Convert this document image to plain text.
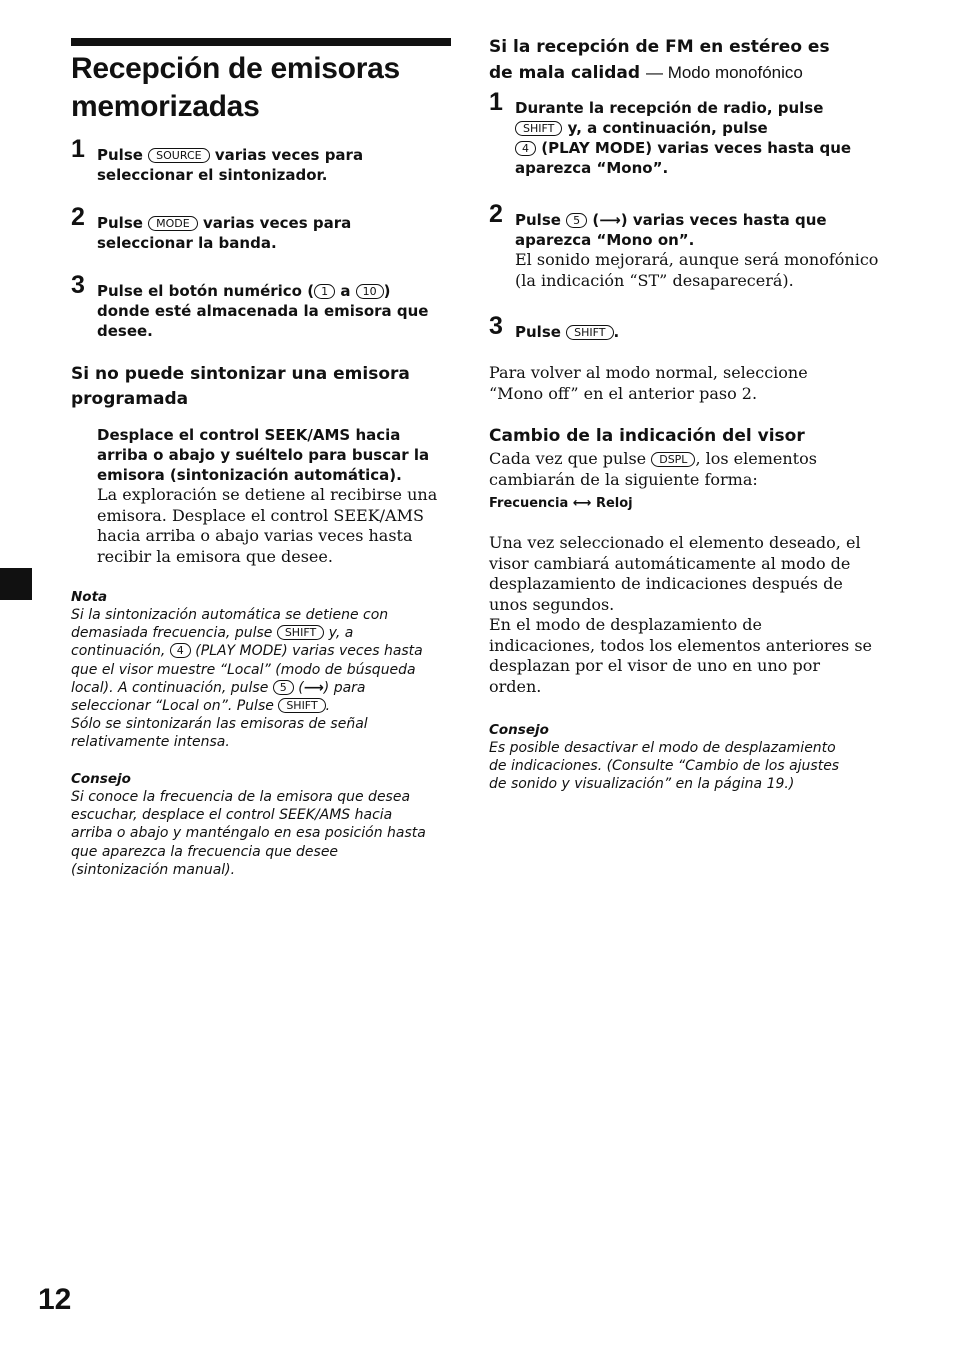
Recepción de emisoras
memorizadas
1 Pulse SOURCE varias veces para
seleccionar el sintonizador.
2 Pulse MODE varias veces para
seleccionar la banda.
3 Pulse el botón numérico ( 1 a 10 )
donde esté almacenada la emisora que
desee.
Si no puede sintonizar una emisora
programada
Desplace el control SEEK/AMS hacia
arriba o abajo y suéltelo para buscar la
emisora (sintonización automática).
La exploración se detiene al recibirse una
emisora. Desplace el control SEEK/AMS
hacia arriba o abajo varias veces hasta
recibir la emisora que desee.
Nota
Si la sintonización automática se detiene con
demasiada frecuencia, pulse SHIFT y, a
continuación, 4 (PLAY MODE) varias veces hasta
que el visor muestre “Local” (modo de búsqueda
local). A continuación, pulse 5 (⟶) para
seleccionar “Local on”. Pulse SHIFT .
Sólo se sintonizarán las emisoras de señal
relativamente intensa.
Consejo
Si conoce la frecuencia de la emisora que desea
escuchar, desplace el control SEEK/AMS hacia
arriba o abajo y manténgalo en esa posición hasta
que aparezca la frecuencia que desee
(sintonización manual).
Si la recepción de FM en estéreo es
de mala calidad — Modo monofónico
1 Durante la recepción de radio, pulse
SHIFT y, a continuación, pulse
4 (PLAY MODE) varias veces hasta que
aparezca “Mono”.
2 Pulse 5 (⟶) varias veces hasta que
aparezca “Mono on”.
El sonido mejorará, aunque será monofónico
(la indicación “ST” desaparecerá).
3 Pulse SHIFT .
Para volver al modo normal, seleccione
“Mono off” en el anterior paso 2.
Cambio de la indicación del visor
Cada vez que pulse DSPL , los elementos
cambiarán de la siguiente forma:
Frecuencia ⟷ Reloj
Una vez seleccionado el elemento deseado, el
visor cambiará automáticamente al modo de
desplazamiento de indicaciones después de
unos segundos.
En el modo de desplazamiento de
indicaciones, todos los elementos anteriores se
desplazan por el visor de uno en uno por
orden.
Consejo
Es posible desactivar el modo de desplazamiento
de indicaciones. (Consulte “Cambio de los ajustes
de sonido y visualización” en la página 19.)
12
